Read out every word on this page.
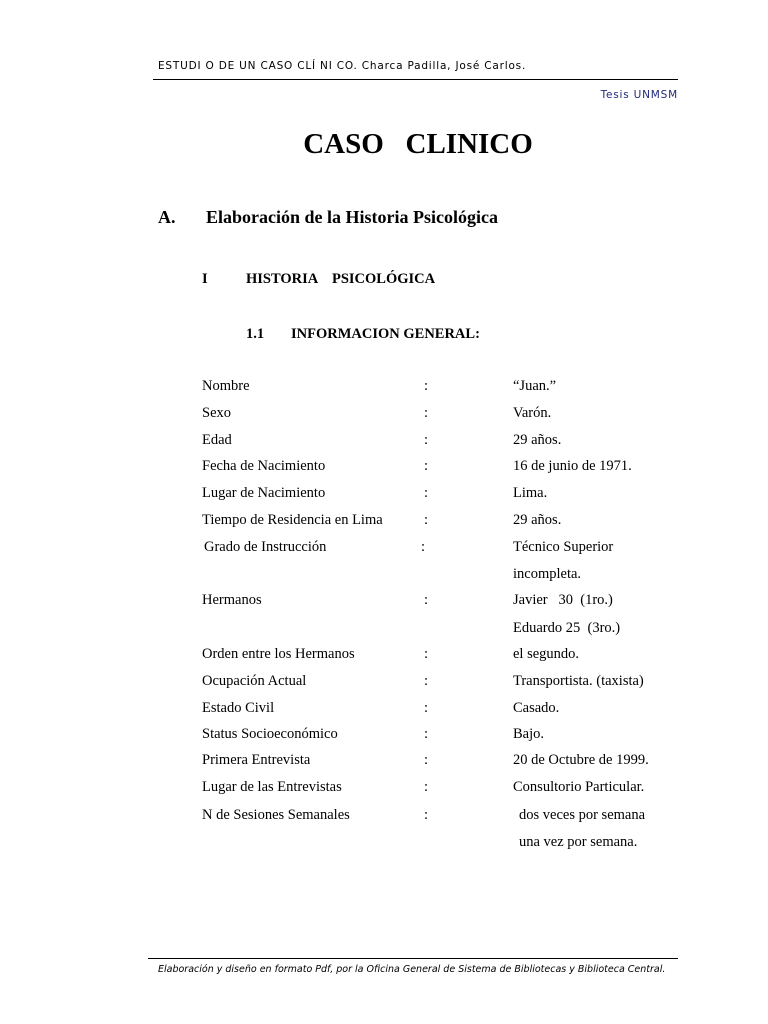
ESTUDI O DE UN CASO CLÍ NI CO. Charca Padilla, José Carlos.
Tesis UNMSM
CASO   CLINICO
A. Elaboración de la Historia Psicológica
I	HISTORIA    PSICOLÓGICA
1.1 INFORMACION GENERAL:
Nombre	:	“Juan.”
Sexo	:	Varón.
Edad	:	29 años.
Fecha de Nacimiento	:	16 de junio de 1971.
Lugar de Nacimiento	:	Lima.
Tiempo de Residencia en Lima	:	29 años.
Grado de Instrucción	:	Técnico Superior
incompleta.
Hermanos	:	Javier   30  (1ro.)
Eduardo 25  (3ro.)
Orden entre los Hermanos	:	el segundo.
Ocupación Actual	:	Transportista. (taxista)
Estado Civil	:	Casado.
Status Socioeconómico	:	Bajo.
Primera Entrevista	:	20 de Octubre de 1999.
Lugar de las Entrevistas	:	Consultorio Particular.
N de Sesiones Semanales	:	dos veces por semana
una vez por semana.
Elaboración y diseño en formato Pdf, por la Oficina General de Sistema de Bibliotecas y Biblioteca Central.
